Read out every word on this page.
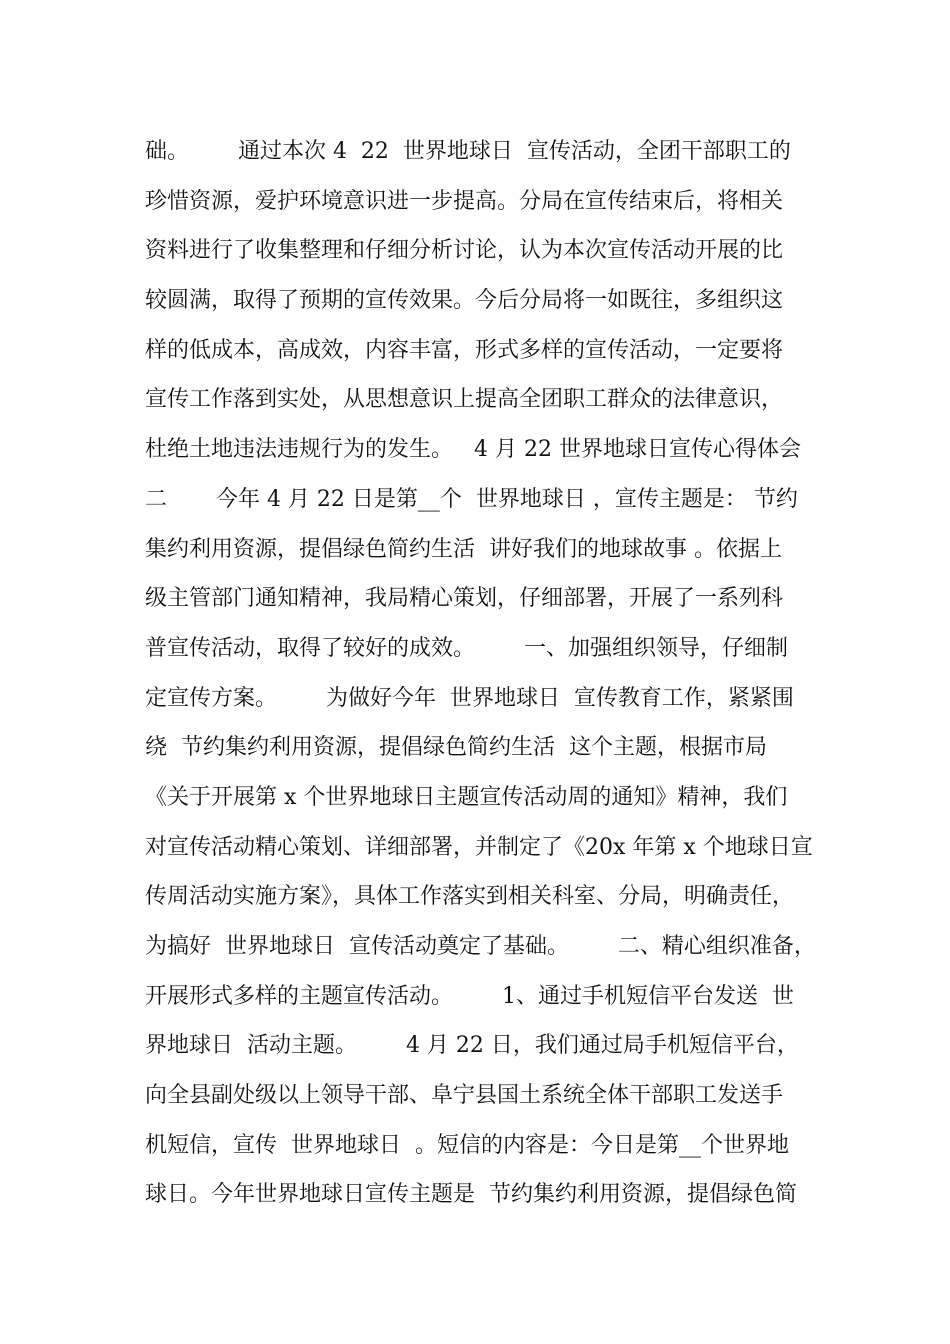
础。       通过本次 4  22  世界地球日  宣传活动，全团干部职工的
珍惜资源，爱护环境意识进一步提高。分局在宣传结束后，将相关
资料进行了收集整理和仔细分析讨论，认为本次宣传活动开展的比
较圆满，取得了预期的宣传效果。今后分局将一如既往，多组织这
样的低成本，高成效，内容丰富，形式多样的宣传活动，一定要将
宣传工作落到实处，从思想意识上提高全团职工群众的法律意识，
杜绝土地违法违规行为的发生。   4 月 22 世界地球日宣传心得体会
二       今年 4 月 22 日是第__个  世界地球日 ，宣传主题是： 节约
集约利用资源，提倡绿色简约生活  讲好我们的地球故事 。依据上
级主管部门通知精神，我局精心策划，仔细部署，开展了一系列科
普宣传活动，取得了较好的成效。       一、加强组织领导，仔细制
定宣传方案。       为做好今年  世界地球日  宣传教育工作，紧紧围
绕  节约集约利用资源，提倡绿色简约生活  这个主题，根据市局
《关于开展第 x 个世界地球日主题宣传活动周的通知》精神，我们
对宣传活动精心策划、详细部署，并制定了《20x 年第 x 个地球日宣
传周活动实施方案》，具体工作落实到相关科室、分局，明确责任，
为搞好  世界地球日  宣传活动奠定了基础。       二、精心组织准备，
开展形式多样的主题宣传活动。       1、通过手机短信平台发送  世
界地球日  活动主题。       4 月 22 日，我们通过局手机短信平台，
向全县副处级以上领导干部、阜宁县国土系统全体干部职工发送手
机短信，宣传  世界地球日  。短信的内容是：今日是第__个世界地
球日。今年世界地球日宣传主题是  节约集约利用资源，提倡绿色简
